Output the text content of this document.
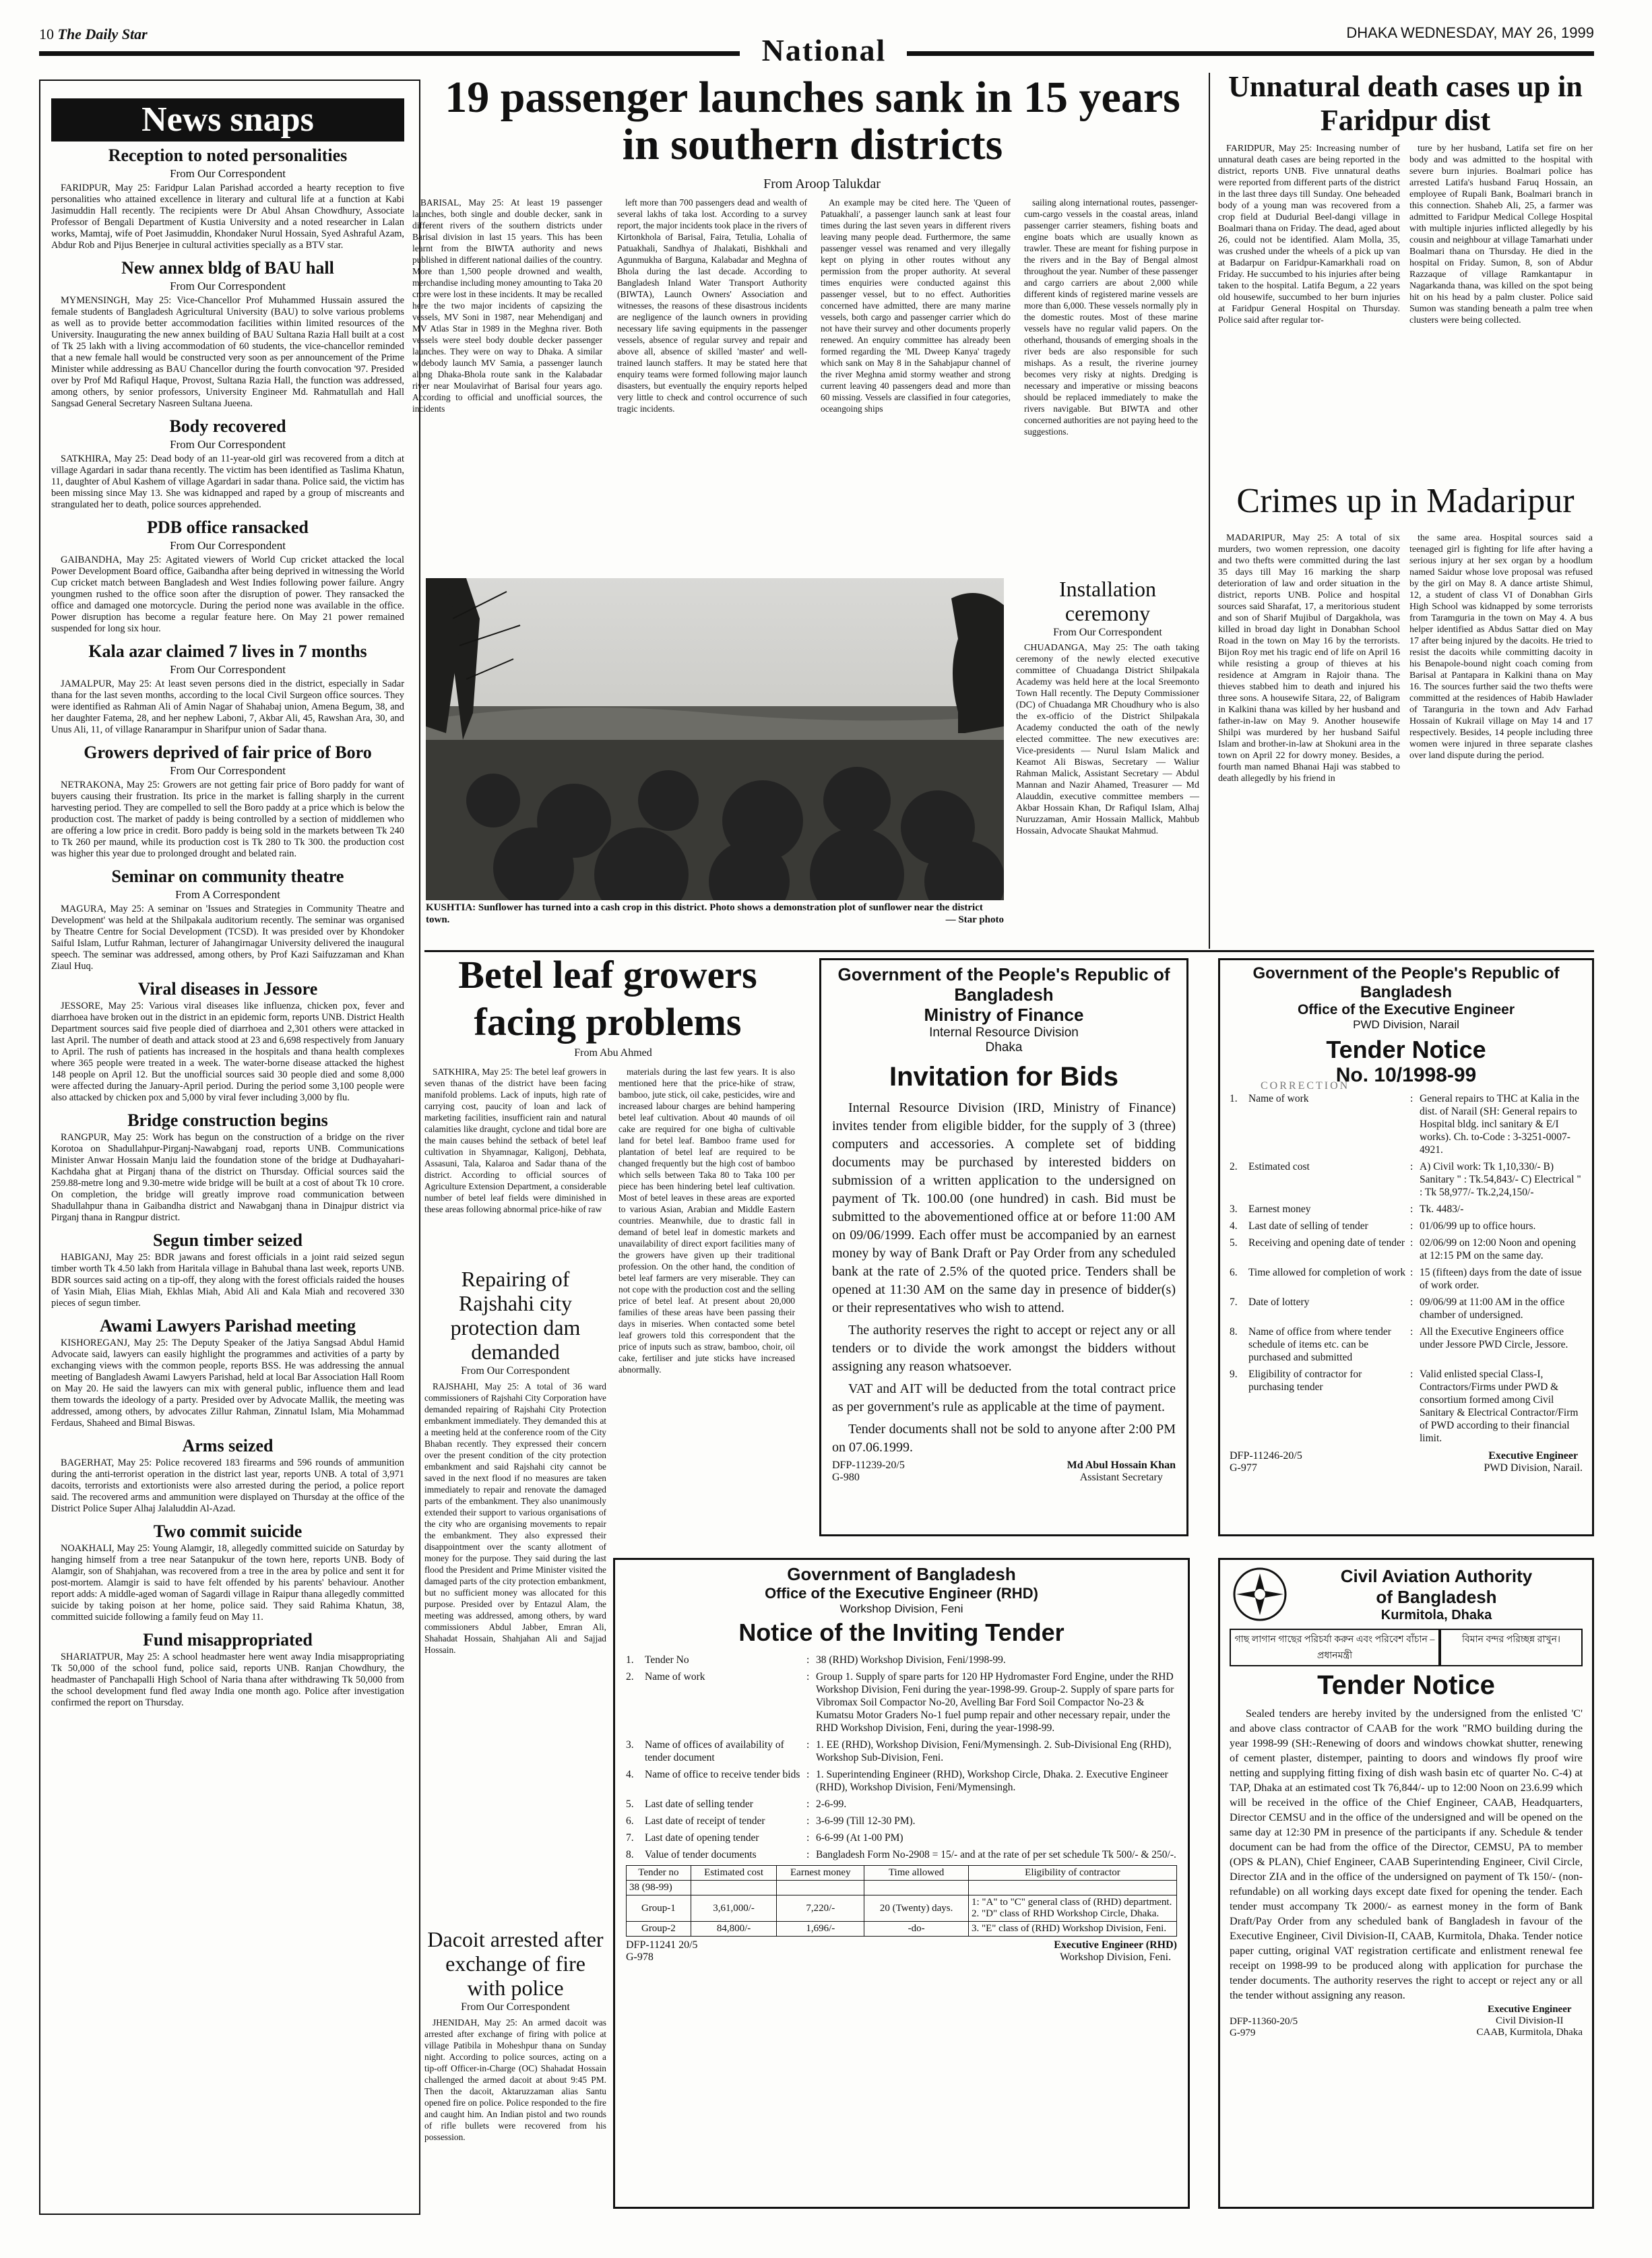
10 The Daily Star	National
DHAKA WEDNESDAY, MAY 26, 1999
News snaps
Reception to noted personalities
From Our Correspondent

FARIDPUR, May 25: Faridpur Lalan Parishad accorded a hearty reception to five personalities who attained excellence in literary and cultural life at a function at Kabi Jasimuddin Hall recently. The recipients were Dr Abul Ahsan Chowdhury, Associate Professor of Bengali Department of Kustia University and a noted researcher in Lalan works, Mamtaj, wife of Poet Jasimuddin, Khondaker Nurul Hossain, Syed Ashraful Azam, Abdur Rob and Pijus Benerjee in cultural activities specially as a BTV star.

New annex bldg of BAU hall
From Our Correspondent

MYMENSINGH, May 25: Vice-Chancellor Prof Muhammed Hussain assured the female students of Bangladesh Agricultural University (BAU) to solve various problems as well as to provide better accommodation facilities within limited resources of the University. Inaugurating the new annex building of BAU Sultana Razia Hall built at a cost of Tk 25 lakh with a living accommodation of 60 students, the vice-chancellor reminded that a new female hall would be constructed very soon as per announcement of the Prime Minister while addressing as BAU Chancellor during the fourth convocation '97. Presided over by Prof Md Rafiqul Haque, Provost, Sultana Razia Hall, the function was addressed, among others, by senior professors, University Engineer Md. Rahmatullah and Hall Sangsad General Secretary Nasreen Sultana Jueena.

Body recovered
From Our Correspondent

SATKHIRA, May 25: Dead body of an 11-year-old girl was recovered from a ditch at village Agardari in sadar thana recently. The victim has been identified as Taslima Khatun, 11, daughter of Abul Kashem of village Agardari in sadar thana. Police said, the victim has been missing since May 13. She was kidnapped and raped by a group of miscreants and strangulated her to death, police sources apprehended.

PDB office ransacked
From Our Correspondent

GAIBANDHA, May 25: Agitated viewers of World Cup cricket attacked the local Power Development Board office, Gaibandha after being deprived in witnessing the World Cup cricket match between Bangladesh and West Indies following power failure. Angry youngmen rushed to the office soon after the disruption of power. They ransacked the office and damaged one motorcycle. During the period none was available in the office. Power disruption has become a regular feature here. On May 21 power remained suspended for long six hour.

Kala azar claimed 7 lives in 7 months
From Our Correspondent

JAMALPUR, May 25: At least seven persons died in the district, especially in Sadar thana for the last seven months, according to the local Civil Surgeon office sources. They were identified as Rahman Ali of Amin Nagar of Shahabaj union, Amena Begum, 38, and her daughter Fatema, 28, and her nephew Laboni, 7, Akbar Ali, 45, Rawshan Ara, 30, and Unus Ali, 11, of village Ranarampur in Sharifpur union of Sadar thana.

Growers deprived of fair price of Boro
From Our Correspondent

NETRAKONA, May 25: Growers are not getting fair price of Boro paddy for want of buyers causing their frustration. Its price in the market is falling sharply in the current harvesting period. They are compelled to sell the Boro paddy at a price which is below the production cost. The market of paddy is being controlled by a section of middlemen who are offering a low price in credit. Boro paddy is being sold in the markets between Tk 240 to Tk 260 per maund, while its production cost is Tk 280 to Tk 300. the production cost was higher this year due to prolonged drought and belated rain.

Seminar on community theatre
From A Correspondent

MAGURA, May 25: A seminar on 'Issues and Strategies in Community Theatre and Development' was held at the Shilpakala auditorium recently. The seminar was organised by Theatre Centre for Social Development (TCSD). It was presided over by Khondoker Saiful Islam, Lutfur Rahman, lecturer of Jahangirnagar University delivered the inaugural speech. The seminar was addressed, among others, by Prof Kazi Saifuzzaman and Khan Ziaul Huq.

Viral diseases in Jessore

JESSORE, May 25: Various viral diseases like influenza, chicken pox, fever and diarrhoea have broken out in the district in an epidemic form, reports UNB. District Health Department sources said five people died of diarrhoea and 2,301 others were attacked in last April. The number of death and attack stood at 23 and 6,698 respectively from January to April. The rush of patients has increased in the hospitals and thana health complexes where 365 people were treated in a week. The water-borne disease attacked the highest 148 people on April 12. But the unofficial sources said 30 people died and some 8,000 were affected during the January-April period. During the period some 3,100 people were also attacked by chicken pox and 5,000 by viral fever including 3,000 by flu.

Bridge construction begins

RANGPUR, May 25: Work has begun on the construction of a bridge on the river Korotoa on Shadullahpur-Pirganj-Nawabganj road, reports UNB. Communications Minister Anwar Hossain Manju laid the foundation stone of the bridge at Dudhayahari-Kachdaha ghat at Pirganj thana of the district on Thursday. Official sources said the 259.88-metre long and 9.30-metre wide bridge will be built at a cost of about Tk 10 crore. On completion, the bridge will greatly improve road communication between Shadullahpur thana in Gaibandha district and Nawabganj thana in Dinajpur district via Pirganj thana in Rangpur district.

Segun timber seized

HABIGANJ, May 25: BDR jawans and forest officials in a joint raid seized segun timber worth Tk 4.50 lakh from Haritala village in Bahubal thana last week, reports UNB. BDR sources said acting on a tip-off, they along with the forest officials raided the houses of Yasin Miah, Elias Miah, Ekhlas Miah, Abid Ali and Kala Miah and recovered 330 pieces of segun timber.

Awami Lawyers Parishad meeting

KISHOREGANJ, May 25: The Deputy Speaker of the Jatiya Sangsad Abdul Hamid Advocate said, lawyers can easily highlight the programmes and activities of a party by exchanging views with the common people, reports BSS. He was addressing the annual meeting of Bangladesh Awami Lawyers Parishad, held at local Bar Association Hall Room on May 20. He said the lawyers can mix with general public, influence them and lead them towards the ideology of a party. Presided over by Advocate Mallik, the meeting was addressed, among others, by advocates Zillur Rahman, Zinnatul Islam, Mia Mohammad Ferdaus, Shaheed and Bimal Biswas.

Arms seized

BAGERHAT, May 25: Police recovered 183 firearms and 596 rounds of ammunition during the anti-terrorist operation in the district last year, reports UNB. A total of 3,971 dacoits, terrorists and extortionists were also arrested during the period, a police report said. The recovered arms and ammunition were displayed on Thursday at the office of the District Police Super Alhaj Jalaluddin Al-Azad.

Two commit suicide

NOAKHALI, May 25: Young Alamgir, 18, allegedly committed suicide on Saturday by hanging himself from a tree near Satanpukur of the town here, reports UNB. Body of Alamgir, son of Shahjahan, was recovered from a tree in the area by police and sent it for post-mortem. Alamgir is said to have felt offended by his parents' behaviour. Another report adds: A middle-aged woman of Sagardi village in Raipur thana allegedly committed suicide by taking poison at her home, police said. They said Rahima Khatun, 38, committed suicide following a family feud on May 11.

Fund misappropriated

SHARIATPUR, May 25: A school headmaster here went away India misappropriating Tk 50,000 of the school fund, police said, reports UNB. Ranjan Chowdhury, the headmaster of Panchapalli High School of Naria thana after withdrawing Tk 50,000 from the school development fund fled away India one month ago. Police after investigation confirmed the report on Thursday.

19 passenger launches sank in 15 years in southern districts
From Aroop Talukdar

BARISAL, May 25: At least 19 passenger launches, both single and double decker, sank in different rivers of the southern districts under Barisal division in last 15 years. This has been learnt from the BIWTA authority and news published in different national dailies of the country. More than 1,500 people drowned and wealth, merchandise including money amounting to Taka 20 crore were lost in these incidents. It may be recalled here the two major incidents of capsizing the vessels, MV Soni in 1987, near Mehendiganj and MV Atlas Star in 1989 in the Meghna river. Both vessels were steel body double decker passenger launches. They were on way to Dhaka. A similar widebody launch MV Samia, a passenger launch along Dhaka-Bhola route sank in the Kalabadar river near Moulavirhat of Barisal four years ago. According to official and unofficial sources, the incidents

left more than 700 passengers dead and wealth of several lakhs of taka lost. According to a survey report, the major incidents took place in the rivers of Kirtonkhola of Barisal, Faira, Tetulia, Lohalia of Patuakhali, Sandhya of Jhalakati, Bishkhali and Agunmukha of Barguna, Kalabadar and Meghna of Bhola during the last decade. According to Bangladesh Inland Water Transport Authority (BIWTA), Launch Owners' Association and witnesses, the reasons of these disastrous incidents are negligence of the launch owners in providing necessary life saving equipments in the passenger vessels, absence of regular survey and repair and above all, absence of skilled 'master' and well-trained launch staffers. It may be stated here that enquiry teams were formed following major launch disasters, but eventually the enquiry reports helped very little to check and control occurrence of such tragic incidents.

An example may be cited here. The 'Queen of Patuakhali', a passenger launch sank at least four times during the last seven years in different rivers leaving many people dead. Furthermore, the same passenger vessel was renamed and very illegally kept on plying in other routes without any permission from the proper authority. At several times enquiries were conducted against this passenger vessel, but to no effect. Authorities concerned have admitted, there are many marine vessels, both cargo and passenger carrier which do not have their survey and other documents properly renewed. An enquiry committee has already been formed regarding the 'ML Dweep Kanya' tragedy which sank on May 8 in the Sahabjapur channel of the river Meghna amid stormy weather and strong current leaving 40 passengers dead and more than 60 missing. Vessels are classified in four categories, oceangoing ships

sailing along international routes, passenger-cum-cargo vessels in the coastal areas, inland passenger carrier steamers, fishing boats and engine boats which are usually known as trawler. These are meant for fishing purpose in the rivers and in the Bay of Bengal almost throughout the year. Number of these passenger and cargo carriers are about 2,000 while different kinds of registered marine vessels are more than 6,000. These vessels normally ply in the domestic routes. Most of these marine vessels have no regular valid papers. On the otherhand, thousands of emerging shoals in the river beds are also responsible for such mishaps. As a result, the riverine journey becomes very risky at nights. Dredging is necessary and imperative or missing beacons should be replaced immediately to make the rivers navigable. But BIWTA and other concerned authorities are not paying heed to the suggestions.

KUSHTIA: Sunflower has turned into a cash crop in this district. Photo shows a demonstration plot of sunflower near the district town.	— Star photo
Installation ceremony
From Our Correspondent

CHUADANGA, May 25: The oath taking ceremony of the newly elected executive committee of Chuadanga District Shilpakala Academy was held here at the local Sreemonto Town Hall recently. The Deputy Commissioner (DC) of Chuadanga MR Choudhury who is also the ex-officio of the District Shilpakala Academy conducted the oath of the newly elected committee. The new executives are: Vice-presidents — Nurul Islam Malick and Keamot Ali Biswas, Secretary — Waliur Rahman Malick, Assistant Secretary — Abdul Mannan and Nazir Ahamed, Treasurer — Md Alauddin, executive committee members — Akbar Hossain Khan, Dr Rafiqul Islam, Alhaj Nuruzzaman, Amir Hossain Mallick, Mahbub Hossain, Advocate Shaukat Mahmud.

Unnatural death cases up in Faridpur dist

FARIDPUR, May 25: Increasing number of unnatural death cases are being reported in the district, reports UNB. Five unnatural deaths were reported from different parts of the district in the last three days till Sunday. One beheaded body of a young man was recovered from a crop field at Dudurial Beel-dangi village in Boalmari thana on Friday. The dead, aged about 26, could not be identified. Alam Molla, 35, was crushed under the wheels of a pick up van at Badarpur on Faridpur-Kamarkhali road on Friday. He succumbed to his injuries after being taken to the hospital. Latifa Begum, a 22 years old housewife, succumbed to her burn injuries at Faridpur General Hospital on Thursday. Police said after regular tor-

ture by her husband, Latifa set fire on her body and was admitted to the hospital with severe burn injuries. Boalmari police has arrested Latifa's husband Faruq Hossain, an employee of Rupali Bank, Boalmari branch in this connection. Shaheb Ali, 25, a farmer was admitted to Faridpur Medical College Hospital with multiple injuries inflicted allegedly by his cousin and neighbour at village Tamarhati under Boalmari thana on Thursday. He died in the hospital on Friday. Sumon, 8, son of Abdur Razzaque of village Ramkantapur in Nagarkanda thana, was killed on the spot being hit on his head by a palm cluster. Police said Sumon was standing beneath a palm tree when clusters were being collected.

Crimes up in Madaripur

MADARIPUR, May 25: A total of six murders, two women repression, one dacoity and two thefts were committed during the last 35 days till May 16 marking the sharp deterioration of law and order situation in the district, reports UNB. Police and hospital sources said Sharafat, 17, a meritorious student and son of Sharif Mujibul of Dargakhola, was killed in broad day light in Donabhan School Road in the town on May 16 by the terrorists. Bijon Roy met his tragic end of life on April 16 while resisting a group of thieves at his residence at Amgram in Rajoir thana. The thieves stabbed him to death and injured his three sons. A housewife Sitara, 22, of Baligram in Kalkini thana was killed by her husband and father-in-law on May 9. Another housewife Shilpi was murdered by her husband Saiful Islam and brother-in-law at Shokuni area in the town on April 22 for dowry money. Besides, a fourth man named Bhanai Haji was stabbed to death allegedly by his friend in

the same area. Hospital sources said a teenaged girl is fighting for life after having a serious injury at her sex organ by a hoodlum named Saidur whose love proposal was refused by the girl on May 8. A dance artiste Shimul, 12, a student of class VI of Donabhan Girls High School was kidnapped by some terrorists from Taramguria in the town on May 4. A bus helper identified as Abdus Sattar died on May 17 after being injured by the dacoits. He tried to resist the dacoits while committing dacoity in his Benapole-bound night coach coming from Barisal at Pantapara in Kalkini thana on May 16. The sources further said the two thefts were committed at the residences of Habib Hawlader of Taranguria in the town and Adv Farhad Hossain of Kukrail village on May 14 and 17 respectively. Besides, 14 people including three women were injured in three separate clashes over land dispute during the period.

Betel leaf growers facing problems
From Abu Ahmed

SATKHIRA, May 25: The betel leaf growers in seven thanas of the district have been facing manifold problems. Lack of inputs, high rate of carrying cost, paucity of loan and lack of marketing facilities, insufficient rain and natural calamities like draught, cyclone and tidal bore are the main causes behind the setback of betel leaf cultivation in Shyamnagar, Kaligonj, Debhata, Assasuni, Tala, Kalaroa and Sadar thana of the district. According to official sources of Agriculture Extension Department, a considerable number of betel leaf fields were diminished in these areas following abnormal price-hike of raw

materials during the last few years. It is also mentioned here that the price-hike of straw, bamboo, jute stick, oil cake, pesticides, wire and increased labour charges are behind hampering betel leaf cultivation. About 40 maunds of oil cake are required for one bigha of cultivable land for betel leaf. Bamboo frame used for plantation of betel leaf are required to be changed frequently but the high cost of bamboo which sells between Taka 80 to Taka 100 per piece has been hindering betel leaf cultivation. Most of betel leaves in these areas are exported to various Asian, Arabian and Middle Eastern countries. Meanwhile, due to drastic fall in demand of betel leaf in domestic markets and unavailability of direct export facilities many of the growers have given up their traditional profession. On the other hand, the condition of betel leaf farmers are very miserable. They can not cope with the production cost and the selling price of betel leaf. At present about 20,000 families of these areas have been passing their days in miseries. When contacted some betel leaf growers told this correspondent that the price of inputs such as straw, bamboo, choir, oil cake, fertiliser and jute sticks have increased abnormally.

Repairing of Rajshahi city protection dam demanded
From Our Correspondent

RAJSHAHI, May 25: A total of 36 ward commissioners of Rajshahi City Corporation have demanded repairing of Rajshahi City Protection embankment immediately. They demanded this at a meeting held at the conference room of the City Bhaban recently. They expressed their concern over the present condition of the city protection embankment and said Rajshahi city cannot be saved in the next flood if no measures are taken immediately to repair and renovate the damaged parts of the embankment. They also unanimously extended their support to various organisations of the city who are organising movements to repair the embankment. They also expressed their disappointment over the scanty allotment of money for the purpose. They said during the last flood the President and Prime Minister visited the damaged parts of the city protection embankment, but no sufficient money was allocated for this purpose. Presided over by Entazul Alam, the meeting was addressed, among others, by ward commissioners Abdul Jabber, Emran Ali, Shahadat Hossain, Shahjahan Ali and Sajjad Hossain.

Dacoit arrested after exchange of fire with police
From Our Correspondent

JHENIDAH, May 25: An armed dacoit was arrested after exchange of firing with police at village Patibila in Moheshpur thana on Sunday night. According to police sources, acting on a tip-off Officer-in-Charge (OC) Shahadat Hossain challenged the armed dacoit at about 9:45 PM. Then the dacoit, Aktaruzzaman alias Santu opened fire on police. Police responded to the fire and caught him. An Indian pistol and two rounds of rifle bullets were recovered from his possession.

Government of the People's Republic of Bangladesh
Ministry of Finance
Internal Resource Division
Dhaka
Invitation for Bids

Internal Resource Division (IRD, Ministry of Finance) invites tender from eligible bidder, for the supply of 3 (three) computers and accessories. A complete set of bidding documents may be purchased by interested bidders on submission of a written application to the undersigned on payment of Tk. 100.00 (one hundred) in cash. Bid must be submitted to the abovementioned office at or before 11:00 AM on 09/06/1999. Each offer must be accompanied by an earnest money by way of Bank Draft or Pay Order from any scheduled bank at the rate of 2.5% of the quoted price. Tenders shall be opened at 11:30 AM on the same day in presence of bidder(s) or their representatives who wish to attend.

The authority reserves the right to accept or reject any or all tenders or to divide the work amongst the bidders without assigning any reason whatsoever.

VAT and AIT will be deducted from the total contract price as per government's rule as applicable at the time of payment.

Tender documents shall not be sold to anyone after 2:00 PM on 07.06.1999.

DFP-11239-20/5
G-980
Md Abul Hossain Khan
Assistant Secretary
Government of the People's Republic of Bangladesh
Office of the Executive Engineer
PWD Division, Narail
Tender Notice
No. 10/1998-99
CORRECTION
1.	Name of work	: General repairs to THC at Kalia in the dist. of Narail (SH: General repairs to Hospital bldg. incl sanitary & E/I works). Ch. to-Code : 3-3251-0007-4921.
2.	Estimated cost	: A) Civil work: Tk 1,10,330/- B) Sanitary " : Tk.54,843/- C) Electrical " : Tk 58,977/- Tk.2,24,150/-
3.	Earnest money	: Tk. 4483/-
4.	Last date of selling of tender	: 01/06/99 up to office hours.
5.	Receiving and opening date of tender : 02/06/99 on 12:00 Noon and opening at 12:15 PM on the same day.
6.	Time allowed for completion of work : 15 (fifteen) days from the date of issue of work order.
7.	Date of lottery	: 09/06/99 at 11:00 AM in the office chamber of undersigned.
8.	Name of office from where tender schedule of items etc. can be purchased and submitted
: All the Executive Engineers office under Jessore PWD Circle, Jessore.
9.	Eligibility of contractor for purchasing tender
: Valid enlisted special Class-I, Contractors/Firms under PWD & consortium formed among Civil Sanitary & Electrical Contractor/Firm of PWD according to their financial limit.
DFP-11246-20/5
G-977
Executive Engineer
PWD Division, Narail.
Government of Bangladesh
Office of the Executive Engineer (RHD)
Workshop Division, Feni
Notice of the Inviting Tender
1.	Tender No	: 38 (RHD) Workshop Division, Feni/1998-99.
2.	Name of work	: Group 1. Supply of spare parts for 120 HP Hydromaster Ford Engine, under the RHD Workshop Division, Feni during the year-1998-99. Group-2. Supply of spare parts for Vibromax Soil Compactor No-20, Avelling Bar Ford Soil Compactor No-23 & Kumatsu Motor Graders No-1 fuel pump repair and other necessary repair, under the RHD Workshop Division, Feni, during the year-1998-99.
3.	Name of offices of availability of tender document
: 1. EE (RHD), Workshop Division, Feni/Mymensingh. 2. Sub-Divisional Eng (RHD), Workshop Sub-Division, Feni.
4.	Name of office to receive tender bids : 1. Superintending Engineer (RHD), Workshop Circle, Dhaka. 2. Executive Engineer (RHD), Workshop Division, Feni/Mymensingh.
5.	Last date of selling tender	: 2-6-99.
6.	Last date of receipt of tender	: 3-6-99 (Till 12-30 PM).
7.	Last date of opening tender	: 6-6-99 (At 1-00 PM)
8.	Value of tender documents	: Bangladesh Form No-2908 = 15/- and at the rate of per set schedule Tk 500/- & 250/-.
Tender no	Estimated cost	Earnest money	Time allowed	Eligibility of contractor
38 (98-99)				
Group-1	3,61,000/-	7,220/-	20 (Twenty) days.	1: "A" to "C" general class of (RHD) department. 2. "D" class of RHD Workshop Circle, Dhaka.
Group-2	84,800/-	1,696/-	-do-	3. "E" class of (RHD) Workshop Division, Feni.
DFP-11241 20/5
G-978
Executive Engineer (RHD)
Workshop Division, Feni.
Civil Aviation Authority
of Bangladesh
Kurmitola, Dhaka
গাছ লাগান গাছের পরিচর্যা করুন এবং পরিবেশ বাঁচান – প্রধানমন্ত্রী
বিমান বন্দর পরিচ্ছন্ন রাখুন।
Tender Notice

Sealed tenders are hereby invited by the undersigned from the enlisted 'C' and above class contractor of CAAB for the work "RMO building during the year 1998-99 (SH:-Renewing of doors and windows chowkat shutter, renewing of cement plaster, distemper, painting to doors and windows fly proof wire netting and supplying fitting fixing of dish wash basin etc of quarter No. C-4) at TAP, Dhaka at an estimated cost Tk 76,844/- up to 12:00 Noon on 23.6.99 which will be received in the office of the Chief Engineer, CAAB, Headquarters, Director CEMSU and in the office of the undersigned and will be opened on the same day at 12:30 PM in presence of the participants if any. Schedule & tender document can be had from the office of the Director, CEMSU, PA to member (OPS & PLAN), Chief Engineer, CAAB Superintending Engineer, Civil Circle, Director ZIA and in the office of the undersigned on payment of Tk 150/- (non-refundable) on all working days except date fixed for opening the tender. Each tender must accompany Tk 2000/- as earnest money in the form of Bank Draft/Pay Order from any scheduled bank of Bangladesh in favour of the Executive Engineer, Civil Division-II, CAAB, Kurmitola, Dhaka. Tender notice paper cutting, original VAT registration certificate and enlistment renewal fee receipt on 1998-99 to be produced along with application for purchase the tender documents. The authority reserves the right to accept or reject any or all the tender without assigning any reason.

DFP-11360-20/5
G-979
Executive Engineer
Civil Division-II
CAAB, Kurmitola, Dhaka
